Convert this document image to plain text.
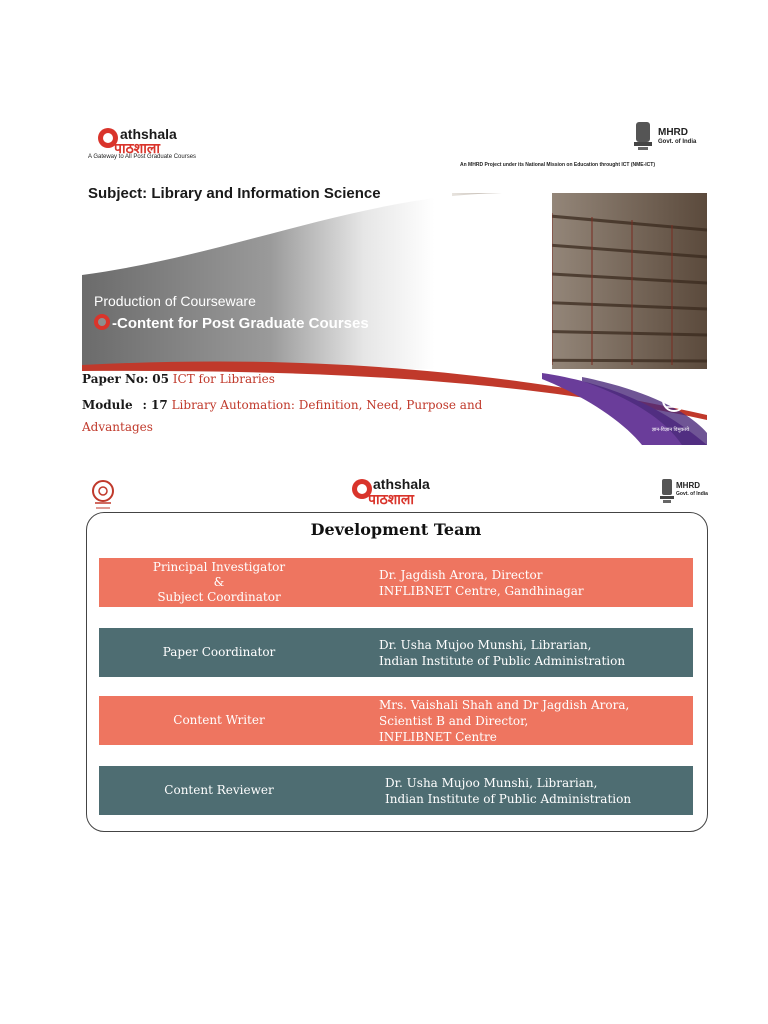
athshala
पाठशाला
A Gateway to All Post Graduate Courses
MHRD
Govt. of India
An MHRD Project under its National Mission on Education throught ICT (NME-ICT)
Subject: Library and Information Science
Production of Courseware
-Content for Post Graduate Courses
Paper No: 05 ICT for Libraries
Module : 17 Library Automation: Definition, Need, Purpose and
Advantages	ज्ञान-विज्ञान विमुक्तये
athshala
पाठशाला
MHRD
Govt. of India
Development Team
Principal Investigator
&
Subject Coordinator
Dr. Jagdish Arora, Director
INFLIBNET Centre, Gandhinagar
Paper Coordinator
Dr. Usha Mujoo Munshi, Librarian,
Indian Institute of Public Administration
Content Writer
Mrs. Vaishali Shah and Dr Jagdish Arora,
Scientist B and Director,
INFLIBNET Centre
Content Reviewer
Dr. Usha Mujoo Munshi, Librarian,
Indian Institute of Public Administration
